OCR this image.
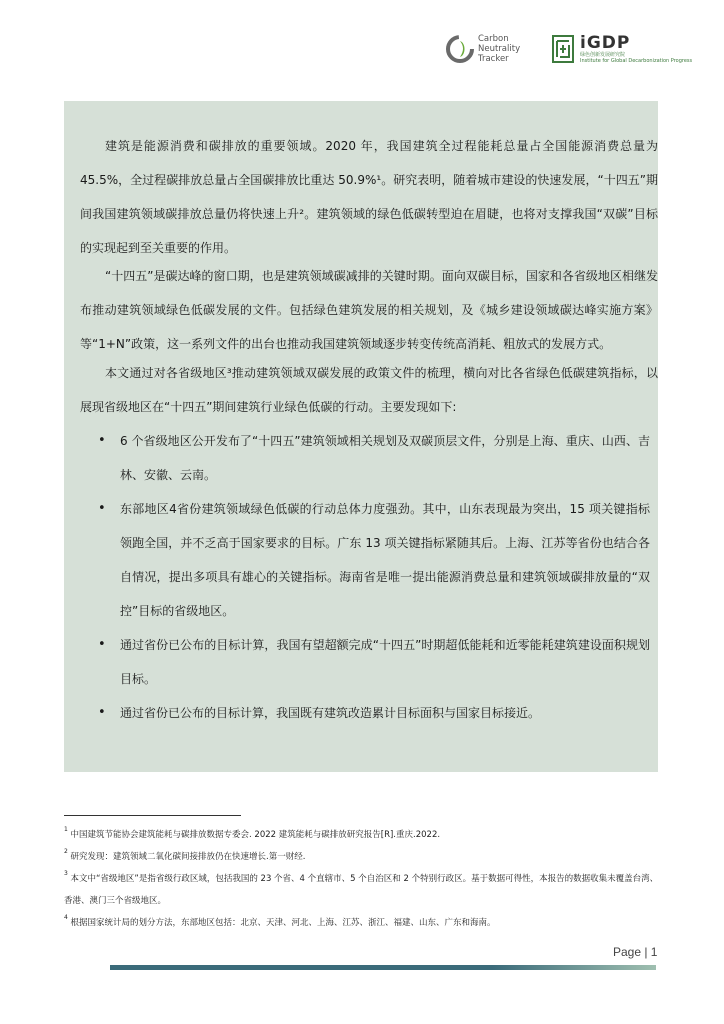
Carbon
Neutrality
Tracker
iGDP
绿色创新发展研究院
Institute for Global Decarbonization Progress

建筑是能源消费和碳排放的重要领域。2020 年，我国建筑全过程能耗总量占全国能源消费总量为 45.5%，全过程碳排放总量占全国碳排放比重达 50.9%¹。研究表明，随着城市建设的快速发展，“十四五”期间我国建筑领域碳排放总量仍将快速上升²。建筑领域的绿色低碳转型迫在眉睫，也将对支撑我国“双碳”目标的实现起到至关重要的作用。

“十四五”是碳达峰的窗口期，也是建筑领域碳减排的关键时期。面向双碳目标，国家和各省级地区相继发布推动建筑领域绿色低碳发展的文件。包括绿色建筑发展的相关规划，及《城乡建设领域碳达峰实施方案》等“1+N”政策，这一系列文件的出台也推动我国建筑领域逐步转变传统高消耗、粗放式的发展方式。

本文通过对各省级地区³推动建筑领域双碳发展的政策文件的梳理，横向对比各省绿色低碳建筑指标，以展现省级地区在“十四五”期间建筑行业绿色低碳的行动。主要发现如下:

• 6 个省级地区公开发布了“十四五”建筑领域相关规划及双碳顶层文件，分别是上海、重庆、山西、吉林、安徽、云南。
• 东部地区4省份建筑领域绿色低碳的行动总体力度强劲。其中，山东表现最为突出，15 项关键指标领跑全国，并不乏高于国家要求的目标。广东 13 项关键指标紧随其后。上海、江苏等省份也结合各自情况，提出多项具有雄心的关键指标。海南省是唯一提出能源消费总量和建筑领域碳排放量的“双控”目标的省级地区。
• 通过省份已公布的目标计算，我国有望超额完成“十四五”时期超低能耗和近零能耗建筑建设面积规划目标。
• 通过省份已公布的目标计算，我国既有建筑改造累计目标面积与国家目标接近。
$^1$ 中国建筑节能协会建筑能耗与碳排放数据专委会. 2022 建筑能耗与碳排放研究报告[R].重庆.2022.
$^2$ 研究发现：建筑领域二氧化碳间接排放仍在快速增长.第一财经.
$^3$ 本文中“省级地区”是指省级行政区域，包括我国的 23 个省、4 个直辖市、5 个自治区和 2 个特别行政区。基于数据可得性，本报告的数据收集未覆盖台湾、香港、澳门三个省级地区。
$^4$ 根据国家统计局的划分方法，东部地区包括：北京、天津、河北、上海、江苏、浙江、福建、山东、广东和海南。
Page | 1
